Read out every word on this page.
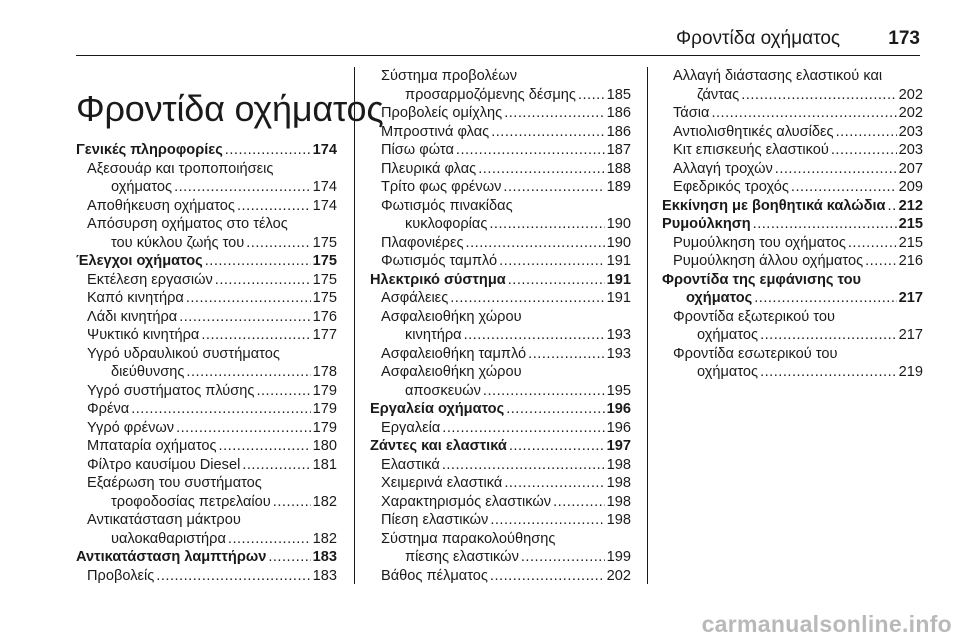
Φροντίδα οχήματος	173
Φροντίδα οχήματος
Γενικές πληροφορίες .....	174
Αξεσουάρ και τροποποιήσεις
οχήματος .....	174
Αποθήκευση οχήματος .....	174
Απόσυρση οχήματος στο τέλος
του κύκλου ζωής του .....	175
Έλεγχοι οχήματος .....	175
Εκτέλεση εργασιών .....	175
Καπό κινητήρα .....	175
Λάδι κινητήρα .....	176
Ψυκτικό κινητήρα .....	177
Υγρό υδραυλικού συστήματος
διεύθυνσης .....	178
Υγρό συστήματος πλύσης .....	179
Φρένα .....	179
Υγρό φρένων .....	179
Μπαταρία οχήματος .....	180
Φίλτρο καυσίμου Diesel .....	181
Εξαέρωση του συστήματος
τροφοδοσίας πετρελαίου .....	182
Αντικατάσταση μάκτρου
υαλοκαθαριστήρα .....	182
Αντικατάσταση λαμπτήρων .....	183
Προβολείς .....	183
Σύστημα προβολέων
προσαρμοζόμενης δέσμης ..... 185
Προβολείς ομίχλης .....	186
Μπροστινά φλας .....	186
Πίσω φώτα .....	187
Πλευρικά φλας .....	188
Τρίτο φως φρένων .....	189
Φωτισμός πινακίδας
κυκλοφορίας .....	190
Πλαφονιέρες .....	190
Φωτισμός ταμπλό .....	191
Ηλεκτρικό σύστημα .....	191
Ασφάλειες .....	191
Ασφαλειοθήκη χώρου
κινητήρα .....	193
Ασφαλειοθήκη ταμπλό .....	193
Ασφαλειοθήκη χώρου
αποσκευών .....	195
Εργαλεία οχήματος .....	196
Εργαλεία .....	196
Ζάντες και ελαστικά .....	197
Ελαστικά .....	198
Χειμερινά ελαστικά .....	198
Χαρακτηρισμός ελαστικών .....	198
Πίεση ελαστικών .....	198
Σύστημα παρακολούθησης
πίεσης ελαστικών .....	199
Βάθος πέλματος .....	202
Αλλαγή διάστασης ελαστικού και
ζάντας .....	202
Τάσια .....	202
Αντιολισθητικές αλυσίδες .....	203
Κιτ επισκευής ελαστικού .....	203
Αλλαγή τροχών .....	207
Εφεδρικός τροχός .....	209
Εκκίνηση με βοηθητικά καλώδια ..... 212
Ρυμούλκηση .....	215
Ρυμούλκηση του οχήματος .....	215
Ρυμούλκηση άλλου οχήματος ..... 216
Φροντίδα της εμφάνισης του
οχήματος .....	217
Φροντίδα εξωτερικού του
οχήματος .....	217
Φροντίδα εσωτερικού του
οχήματος .....	219
carmanualsonline.info
